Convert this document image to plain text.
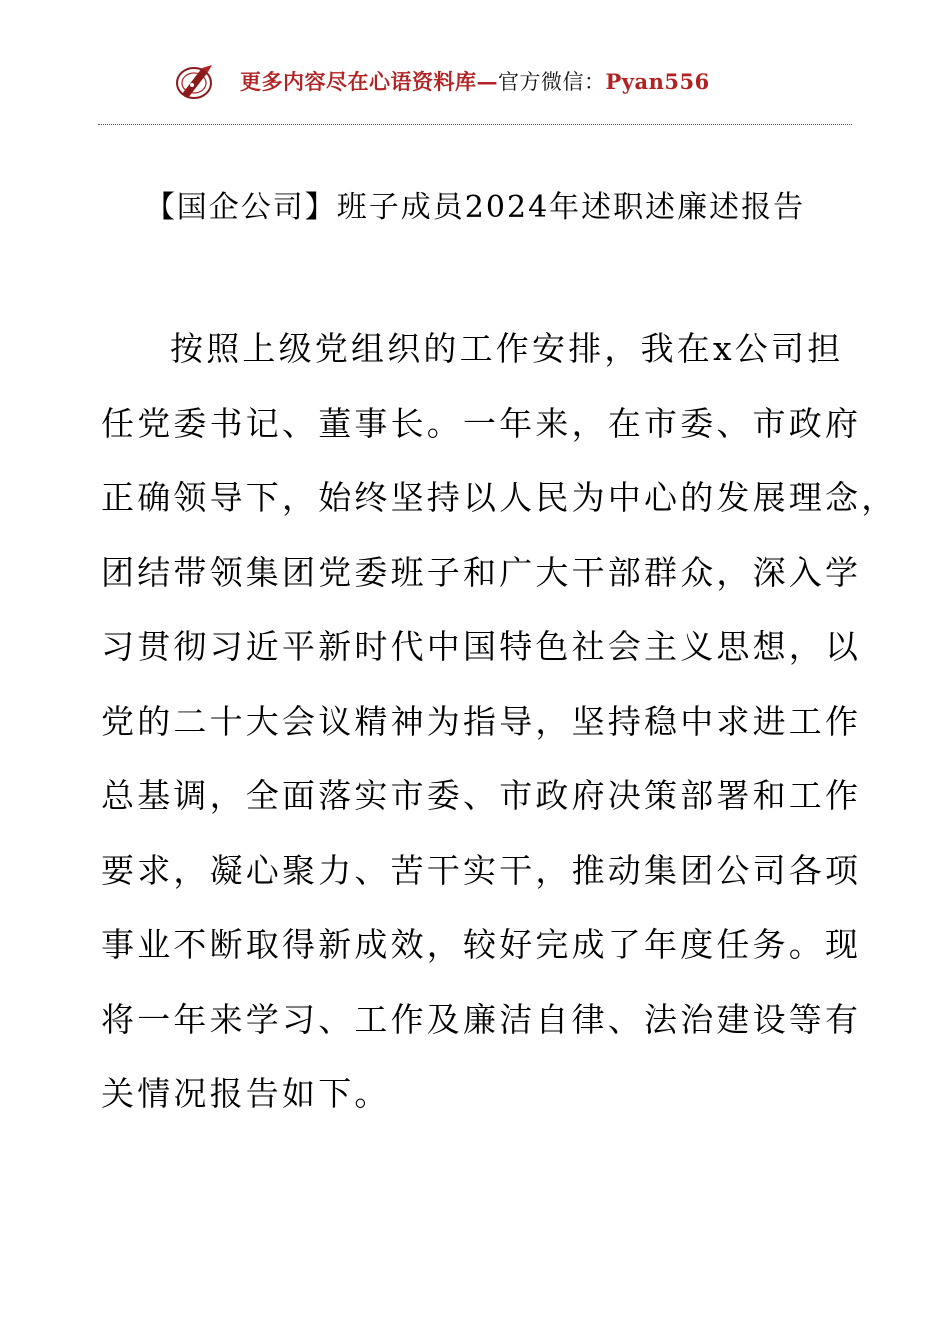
更多内容尽在心语资料库—官方微信：Pyan556
【国企公司】班子成员2024年述职述廉述报告
按照上级党组织的工作安排，我在x公司担
任党委书记、董事长。一年来，在市委、市政府
正确领导下，始终坚持以人民为中心的发展理念，
团结带领集团党委班子和广大干部群众，深入学
习贯彻习近平新时代中国特色社会主义思想，以
党的二十大会议精神为指导，坚持稳中求进工作
总基调，全面落实市委、市政府决策部署和工作
要求，凝心聚力、苦干实干，推动集团公司各项
事业不断取得新成效，较好完成了年度任务。现
将一年来学习、工作及廉洁自律、法治建设等有
关情况报告如下。
